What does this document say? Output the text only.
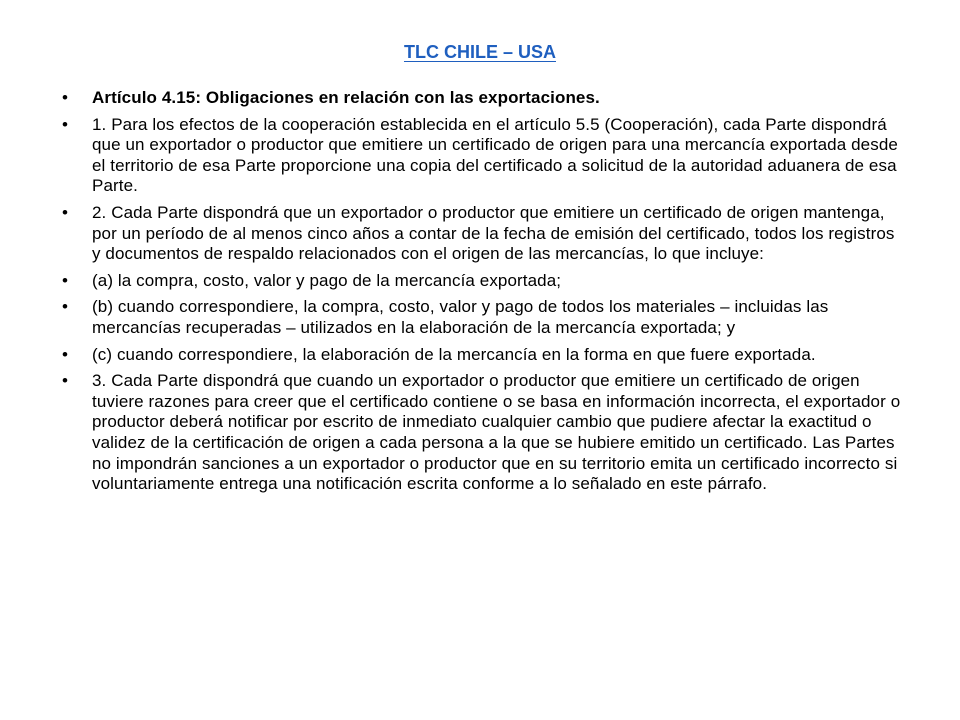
TLC CHILE – USA
• Artículo 4.15: Obligaciones en relación con las exportaciones.
• 1. Para los efectos de la cooperación establecida en el artículo 5.5 (Cooperación), cada Parte dispondrá que un exportador o productor que emitiere un certificado de origen para una mercancía exportada desde el territorio de esa Parte proporcione una copia del certificado a solicitud de la autoridad aduanera de esa Parte.
• 2. Cada Parte dispondrá que un exportador o productor que emitiere un certificado de origen mantenga, por un período de al menos cinco años a contar de la fecha de emisión del certificado, todos los registros y documentos de respaldo relacionados con el origen de las mercancías, lo que incluye:
• (a) la compra, costo, valor y pago de la mercancía exportada;
• (b) cuando correspondiere, la compra, costo, valor y pago de todos los materiales – incluidas las mercancías recuperadas – utilizados en la elaboración de la mercancía exportada; y
• (c) cuando correspondiere, la elaboración de la mercancía en la forma en que fuere exportada.
• 3. Cada Parte dispondrá que cuando un exportador o productor que emitiere un certificado de origen tuviere razones para creer que el certificado contiene o se basa en información incorrecta, el exportador o productor deberá notificar por escrito de inmediato cualquier cambio que pudiere afectar la exactitud o validez de la certificación de origen a cada persona a la que se hubiere emitido un certificado. Las Partes no impondrán sanciones a un exportador o productor que en su territorio emita un certificado incorrecto si voluntariamente entrega una notificación escrita conforme a lo señalado en este párrafo.
